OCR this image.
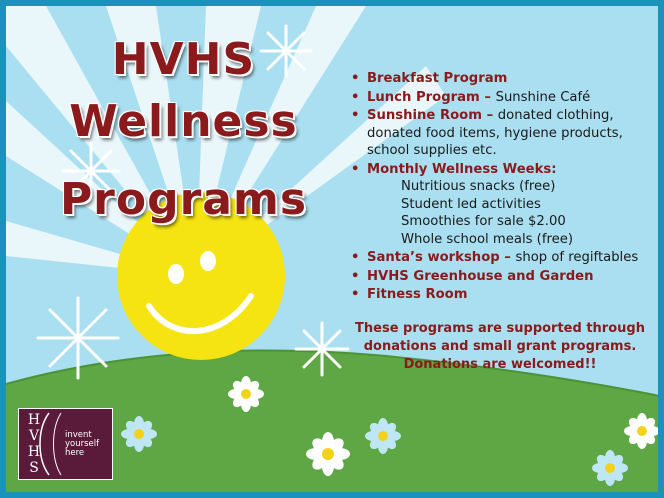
HVHS
Wellness
Programs
• Breakfast Program
• Lunch Program – Sunshine Café
• Sunshine Room – donated clothing, donated food items, hygiene products, school supplies etc.
• Monthly Wellness Weeks:
Nutritious snacks (free)
Student led activities
Smoothies for sale $2.00
Whole school meals (free)
• Santa’s workshop – shop of regiftables
• HVHS Greenhouse and Garden
• Fitness Room
These programs are supported through donations and small grant programs. Donations are welcomed!!
H
V
H
S
invent
yourself
here
